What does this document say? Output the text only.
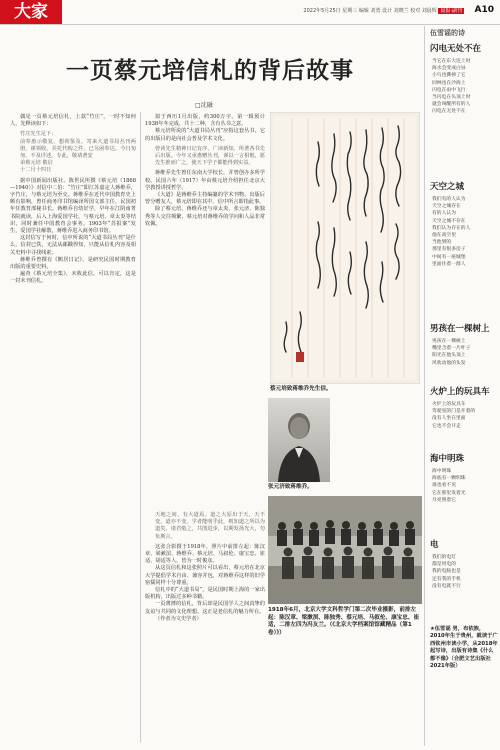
大家	2022年5月25日 星期三 编辑 刘勇 设计 刘晓兰 校对 刘晨辉 晨报·副刊 A10
一页蔡元培信札的背后故事
□沈融

偶见一页蔡元培信札，上款“竹庄”，一时不知何人，先释读如下：

竹庄先生足下：

前奉惠示敬复，想荷鉴及。寄来大道书局丛刊两册，谨领收，并托代购之件，已另函奉达。今日匆匆，不及详述。专此，敬请著安

弟蔡元培 敬启

十二月十四日

据中国新闻出版社、陈世民所撰《蔡元培（1868—1940）》对信中二伯：“竹庄”即江苏嘉定人蒋维乔，字竹庄，与蔡元培为至交。蒋维乔在近代中国教育史上颇有影响，曾任商务印书馆编译所国文部主任，民国初年任教育部秘书长。蒋维乔自幼好学，早年在江阴南菁书院就读，后入上海爱国学社，与蔡元培、章太炎等结识，同时兼任中国教育会事务。1903年“苏报案”发生，爱国学社解散，蒋维乔进入商务印书馆。

这封信写于何时，信中所说的“大道书局丛刊”是什么，信封已佚，无法从邮戳得知，只能从信札内容及相关史料中寻找线索。

蒋维乔曾撰有《鹪居日记》，是研究民国时期教育出版的重要史料。

遍查《蔡元培全集》，未收此信。可以肯定，这是一封未刊信札。

拟于西历1月出版，约300万字。第一辑预计1938年冬完成，共十二种，含有丛书之意。

蔡元培所说的“大道书局丛刊”应指这套丛书，它的出版目的是向社会普及学术文化。

曾读先生精神日记有序，广读新知，所著各书先后出版。今年又承惠赠丛刊，谨以一言相勉，愿先生推而广之，使天下学子都能得到实益。

蒋维乔先生曾任东南大学校长，并曾创办多所学校。民国六年（1917）年由蔡元培介绍担任北京大学教授讲授哲学。

《大道》是蒋维乔主持编纂的学术刊物，出版后曾分赠友人，蔡元培即在其中。信中所言即指此事。

除了蔡元培，蒋维乔还与章太炎、张元济、陈独秀等人交往频繁，蔡元培对蒋维乔的学问和人品非常钦佩。

天地之间，有大道焉。道之大原出于天，天不变，道亦不变。学者能明乎此，则知道之所以为道矣。诸君勉之，共图进步，以期发扬光大，勿负斯言。

这张合影摄于1918年，照片中前排左起：陈汉章、梁漱溟、蒋维乔、蔡元培、马叙伦、康宝忠、崔适、胡适等人，皆为一时俊彦。

从这页信札和这张照片可以看出，蔡元培在北京大学提倡学术自由、兼容并包，对蒋维乔这样的旧学宿儒同样十分尊重。

信札中的“大道书局”，是民国时期上海的一家出版机构，出版过多种书籍。

一页薄薄的信札，背后却是民国学人之间真挚的友谊与共同的文化理想。这正是老信札的魅力所在。

（作者为文史学者）

蔡元培致蒋维乔先生信。
张元济致蒋维乔。
1918年6月，北京大学文科哲学门第二次毕业摄影，前排左起：陈汉章、梁漱溟、陈独秀、蔡元培、马叙伦、康宝忠、崔适，二排左四为冯友兰。（《北京大学档案馆馆藏精品（第1卷）》）
伍雪谣的诗
闪电无处不在
当它在东大连上时
海水会变成白昼
小鸟也撕掉了它
同林也在沙海上
闪电在雨中飞行
当闪电在头顶上时
就会叫醒所有的人
闪电在无处不在
天空之城
我们有的人认为
天空之城存在
有的人认为
天空之城不存在
我们认为存在的人
他在高空里
当他到的
那里有很多房子
中间有一座城堡
里面住着一群人
男孩在一棵树上
男孩在一棵树上
嘴里含着一片叶子
阳光在他头顶上
风吹动他的头发
火炉上的玩具车
火炉上的玩具车
驾驶室的门是开着的
没有人坐在里面
它也不会开走
海中明珠
海中明珠
海底有一颗明珠
谁也看不见
它在那里发着光
月亮照着它
电
我们的电灯
都是用电的
我的电脑也是
还有我的手机
没有电就不行
★伍雪谣 男，布依族，2010年生于贵州，就读于广西钦州市读小学，从2018年起写诗，出版有诗集《什么都不像》（合肥文艺出版社2021年版）
